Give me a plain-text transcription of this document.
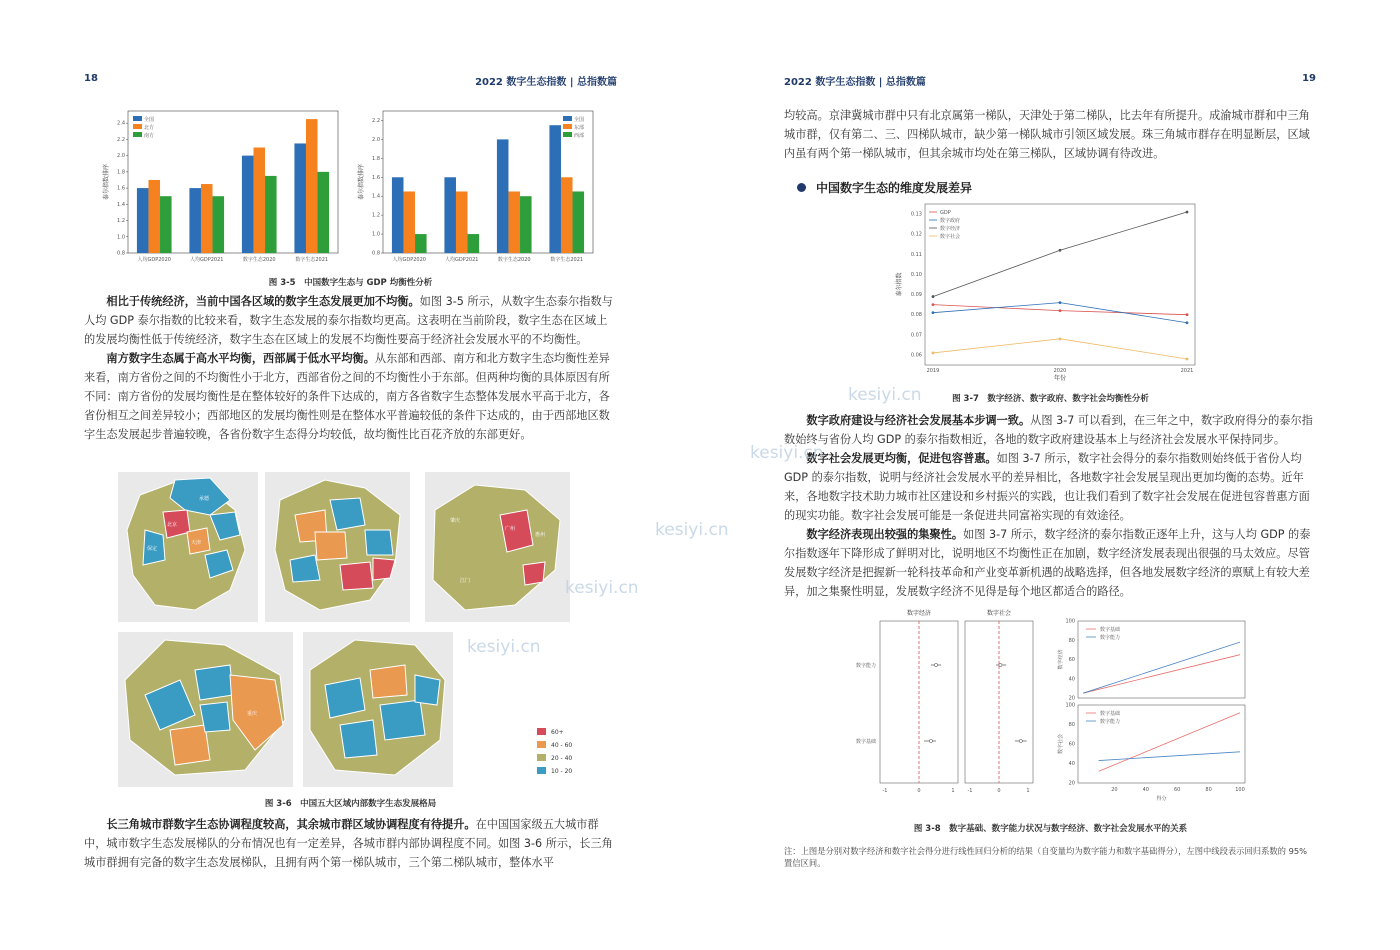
18	2022 数字生态指数 | 总指数篇
0.8
1.0
1.2
1.4
1.6
1.8
2.0
2.2
2.4
泰尔指数排序
人均GDP2020	人均GDP2021	数字生态2020	数字生态2021
全国
北方
南方
0.8
1.0
1.2
1.4
1.6
1.8
2.0
2.2
泰尔指数排序
人均GDP2020	人均GDP2021	数字生态2020	数字生态2021
全国
东部
西部
图 3-5　中国数字生态与 GDP 均衡性分析

相比于传统经济，当前中国各区域的数字生态发展更加不均衡。如图 3-5 所示，从数字生态泰尔指数与人均 GDP 泰尔指数的比较来看，数字生态发展的泰尔指数均更高。这表明在当前阶段，数字生态在区域上的发展均衡性低于传统经济，数字生态在区域上的发展不均衡性要高于经济社会发展水平的不均衡性。

南方数字生态属于高水平均衡，西部属于低水平均衡。从东部和西部、南方和北方数字生态均衡性差异来看，南方省份之间的不均衡性小于北方，西部省份之间的不均衡性小于东部。但两种均衡的具体原因有所不同：南方省份的发展均衡性是在整体较好的条件下达成的，南方各省数字生态整体发展水平高于北方，各省份相互之间差异较小；西部地区的发展均衡性则是在整体水平普遍较低的条件下达成的，由于西部地区数字生态发展起步普遍较晚，各省份数字生态得分均较低，故均衡性比百花齐放的东部更好。

承德
北京
天津
保定
肇庆
广州
惠州
江门
重庆
60+
40 - 60
20 - 40
10 - 20
图 3-6　中国五大区域内部数字生态发展格局

长三角城市群数字生态协调程度较高，其余城市群区域协调程度有待提升。在中国国家级五大城市群中，城市数字生态发展梯队的分布情况也有一定差异，各城市群内部协调程度不同。如图 3-6 所示，长三角城市群拥有完备的数字生态发展梯队，且拥有两个第一梯队城市，三个第二梯队城市，整体水平

2022 数字生态指数 | 总指数篇	19

均较高。京津冀城市群中只有北京属第一梯队，天津处于第二梯队，比去年有所提升。成渝城市群和中三角城市群，仅有第二、三、四梯队城市，缺少第一梯队城市引领区域发展。珠三角城市群存在明显断层，区域内虽有两个第一梯队城市，但其余城市均处在第三梯队，区域协调有待改进。

中国数字生态的维度发展差异
0.06
0.07
0.08
0.09
0.10
0.11
0.12
0.13
2019	2020	2021
年份
泰尔指数
GDP
数字政府
数字经济
数字社会
图 3-7　数字经济、数字政府、数字社会均衡性分析

数字政府建设与经济社会发展基本步调一致。从图 3-7 可以看到，在三年之中，数字政府得分的泰尔指数始终与省份人均 GDP 的泰尔指数相近，各地的数字政府建设基本上与经济社会发展水平保持同步。

数字社会发展更均衡，促进包容普惠。如图 3-7 所示，数字社会得分的泰尔指数则始终低于省份人均 GDP 的泰尔指数，说明与经济社会发展水平的差异相比，各地数字社会发展呈现出更加均衡的态势。近年来，各地数字技术助力城市社区建设和乡村振兴的实践，也让我们看到了数字社会发展在促进包容普惠方面的现实功能。数字社会发展可能是一条促进共同富裕实现的有效途径。

数字经济表现出较强的集聚性。如图 3-7 所示，数字经济的泰尔指数正逐年上升，这与人均 GDP 的泰尔指数逐年下降形成了鲜明对比，说明地区不均衡性正在加剧，数字经济发展表现出很强的马太效应。尽管发展数字经济是把握新一轮科技革命和产业变革新机遇的战略选择，但各地发展数字经济的禀赋上有较大差异，加之集聚性明显，发展数字经济不见得是每个地区都适合的路径。

数字经济
-1	0	1
数字社会
-1	0	1
数字能力
数字基础
20
40
60
80
100
数字经济
数字基础
数字能力
20
40
60
80
100
数字社会
数字基础
数字能力
20	40	60	80	100
得分
图 3-8　数字基础、数字能力状况与数字经济、数字社会发展水平的关系
注：上图是分别对数字经济和数字社会得分进行线性回归分析的结果（自变量均为数字能力和数字基础得分），左图中线段表示回归系数的 95% 置信区间。
kesiyi.cn
kesiyi.cn
kesiyi.cn
kesiyi.cn
kesiyi.cn
